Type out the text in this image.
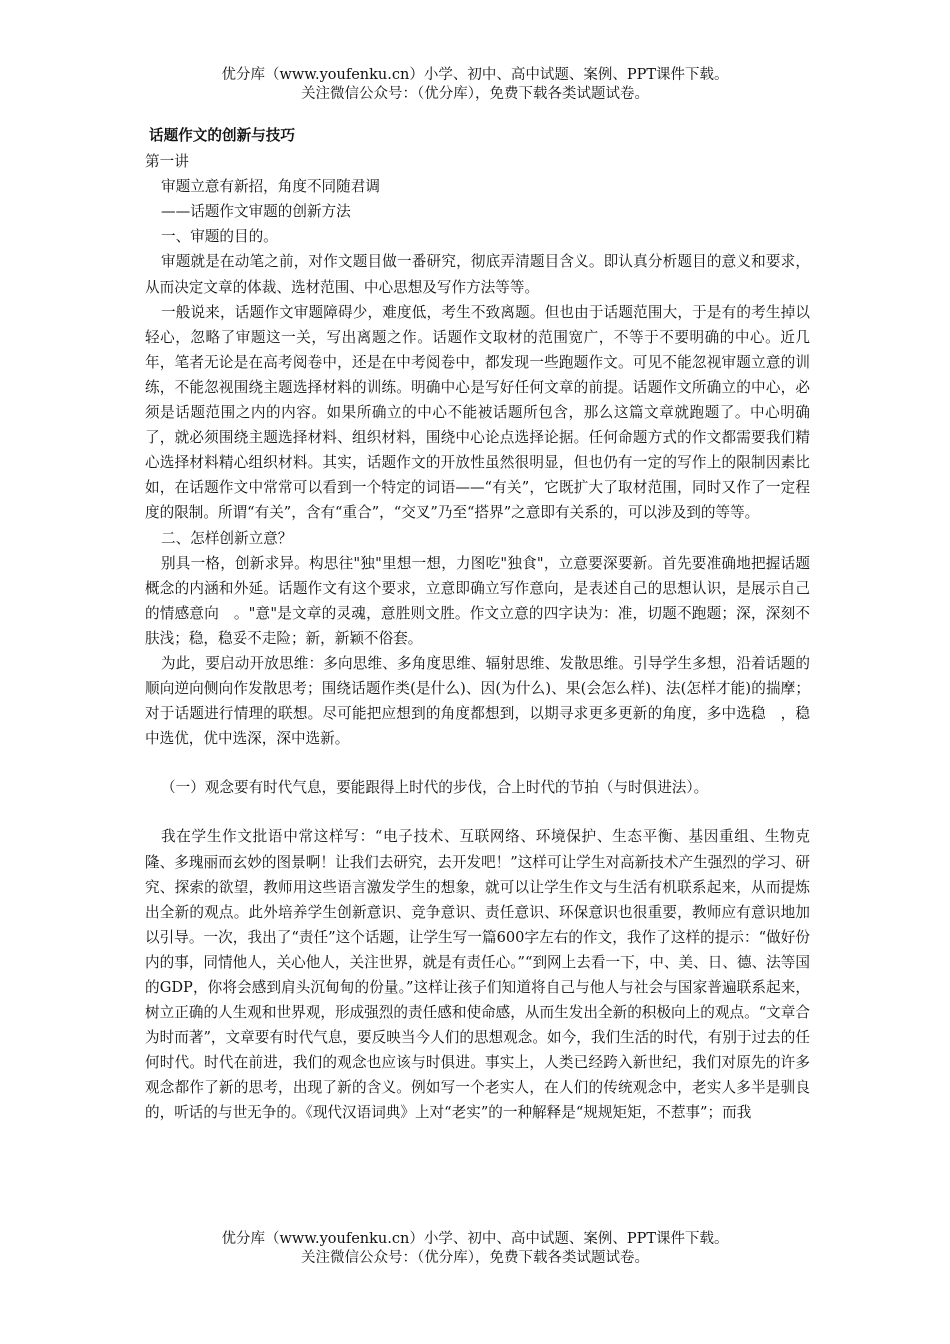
优分库（www.youfenku.cn）小学、初中、高中试题、案例、PPT课件下载。
关注微信公众号：（优分库），免费下载各类试题试卷。

话题作文的创新与技巧

第一讲

审题立意有新招，角度不同随君调

——话题作文审题的创新方法

一、审题的目的。

审题就是在动笔之前，对作文题目做一番研究，彻底弄清题目含义。即认真分析题目的意义和要求，从而决定文章的体裁、选材范围、中心思想及写作方法等等。

一般说来，话题作文审题障碍少，难度低，考生不致离题。但也由于话题范围大，于是有的考生掉以轻心，忽略了审题这一关，写出离题之作。话题作文取材的范围宽广，不等于不要明确的中心。近几年，笔者无论是在高考阅卷中，还是在中考阅卷中，都发现一些跑题作文。可见不能忽视审题立意的训练，不能忽视围绕主题选择材料的训练。明确中心是写好任何文章的前提。话题作文所确立的中心，必须是话题范围之内的内容。如果所确立的中心不能被话题所包含，那么这篇文章就跑题了。中心明确了，就必须围绕主题选择材料、组织材料，围绕中心论点选择论据。任何命题方式的作文都需要我们精心选择材料精心组织材料。其实，话题作文的开放性虽然很明显，但也仍有一定的写作上的限制因素比如，在话题作文中常常可以看到一个特定的词语——“有关”，它既扩大了取材范围，同时又作了一定程度的限制。所谓“有关”，含有“重合”，“交叉”乃至“搭界”之意即有关系的，可以涉及到的等等。

二、怎样创新立意？

别具一格，创新求异。构思往"独"里想一想，力图吃"独食"，立意要深要新。首先要准确地把握话题概念的内涵和外延。话题作文有这个要求，立意即确立写作意向，是表述自己的思想认识，是展示自己的情感意向　。"意"是文章的灵魂，意胜则文胜。作文立意的四字诀为：准，切题不跑题；深，深刻不肤浅；稳，稳妥不走险；新，新颖不俗套。

为此，要启动开放思维：多向思维、多角度思维、辐射思维、发散思维。引导学生多想，沿着话题的顺向逆向侧向作发散思考；围绕话题作类(是什么)、因(为什么)、果(会怎么样)、法(怎样才能)的揣摩；对于话题进行情理的联想。尽可能把应想到的角度都想到，以期寻求更多更新的角度，多中选稳　，稳中选优，优中选深，深中选新。

（一）观念要有时代气息，要能跟得上时代的步伐，合上时代的节拍（与时俱进法）。

我在学生作文批语中常这样写：“电子技术、互联网络、环境保护、生态平衡、基因重组、生物克隆、多瑰丽而玄妙的图景啊！让我们去研究，去开发吧！”这样可让学生对高新技术产生强烈的学习、研究、探索的欲望，教师用这些语言激发学生的想象，就可以让学生作文与生活有机联系起来，从而提炼出全新的观点。此外培养学生创新意识、竞争意识、责任意识、环保意识也很重要，教师应有意识地加以引导。一次，我出了“责任”这个话题，让学生写一篇600字左右的作文，我作了这样的提示：“做好份内的事，同情他人，关心他人，关注世界，就是有责任心。”“到网上去看一下，中、美、日、德、法等国的GDP，你将会感到肩头沉甸甸的份量。”这样让孩子们知道将自己与他人与社会与国家普遍联系起来，树立正确的人生观和世界观，形成强烈的责任感和使命感，从而生发出全新的积极向上的观点。“文章合为时而著”，文章要有时代气息，要反映当今人们的思想观念。如今，我们生活的时代，有别于过去的任何时代。时代在前进，我们的观念也应该与时俱进。事实上，人类已经跨入新世纪，我们对原先的许多观念都作了新的思考，出现了新的含义。例如写一个老实人，在人们的传统观念中，老实人多半是驯良的，听话的与世无争的。《现代汉语词典》上对“老实”的一种解释是“规规矩矩，不惹事”；而我

优分库（www.youfenku.cn）小学、初中、高中试题、案例、PPT课件下载。
关注微信公众号：（优分库），免费下载各类试题试卷。
